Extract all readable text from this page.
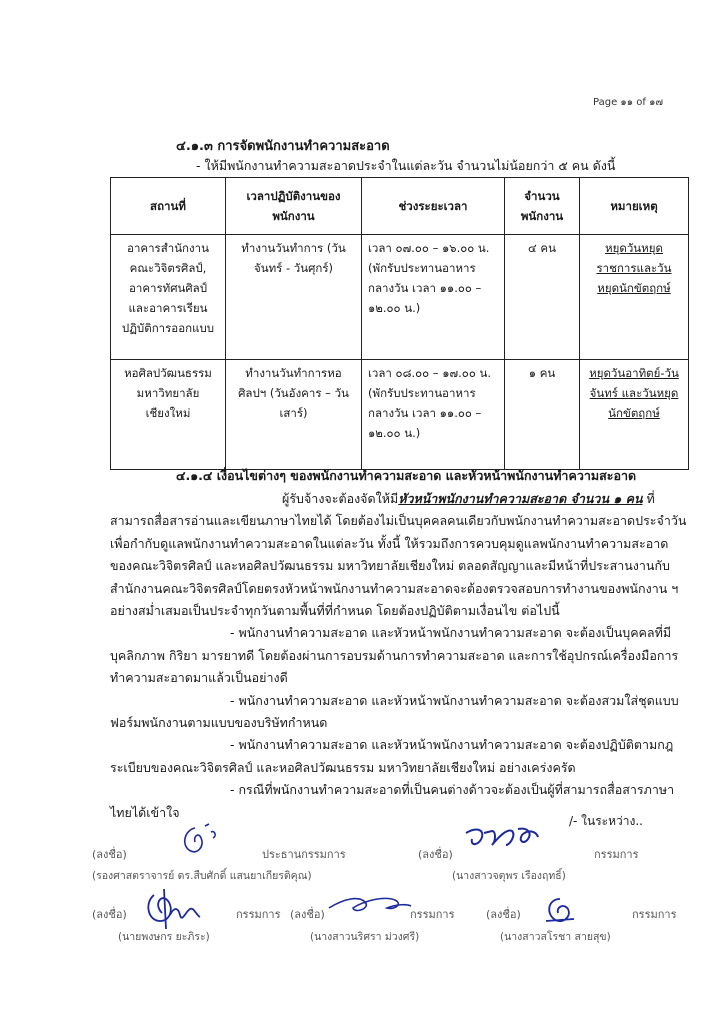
Page ๑๑ of ๑๗
๔.๑.๓ การจัดพนักงานทำความสะอาด
- ให้มีพนักงานทำความสะอาดประจำในแต่ละวัน จำนวนไม่น้อยกว่า ๕ คน ดังนี้
สถานที่	เวลาปฏิบัติงานของพนักงาน	ช่วงระยะเวลา	จำนวนพนักงาน	หมายเหตุ
อาคารสำนักงานคณะวิจิตรศิลป์, อาคารทัศนศิลป์ และอาคารเรียนปฏิบัติการออกแบบ	ทำงานวันทำการ (วันจันทร์ - วันศุกร์)	เวลา ๐๗.๐๐ – ๑๖.๐๐ น. (พักรับประทานอาหารกลางวัน เวลา ๑๑.๐๐ – ๑๒.๐๐ น.)	๔ คน	หยุดวันหยุดราชการและวันหยุดนักขัตฤกษ์
หอศิลปวัฒนธรรม มหาวิทยาลัยเชียงใหม่	ทำงานวันทำการหอศิลปฯ (วันอังคาร – วันเสาร์)	เวลา ๐๘.๐๐ – ๑๗.๐๐ น. (พักรับประทานอาหารกลางวัน เวลา ๑๑.๐๐ – ๑๒.๐๐ น.)	๑ คน	หยุดวันอาทิตย์-วันจันทร์ และวันหยุดนักขัตฤกษ์
๔.๑.๔ เงื่อนไขต่างๆ ของพนักงานทำความสะอาด และหัวหน้าพนักงานทำความสะอาด

ผู้รับจ้างจะต้องจัดให้มีหัวหน้าพนักงานทำความสะอาด จำนวน ๑ คน ที่สามารถสื่อสารอ่านและเขียนภาษาไทยได้ โดยต้องไม่เป็นบุคคลคนเดียวกับพนักงานทำความสะอาดประจำวัน เพื่อกำกับดูแลพนักงานทำความสะอาดในแต่ละวัน ทั้งนี้ ให้รวมถึงการควบคุมดูแลพนักงานทำความสะอาดของคณะวิจิตรศิลป์ และหอศิลปวัฒนธรรม มหาวิทยาลัยเชียงใหม่ ตลอดสัญญาและมีหน้าที่ประสานงานกับสำนักงานคณะวิจิตรศิลป์โดยตรงหัวหน้าพนักงานทำความสะอาดจะต้องตรวจสอบการทำงานของพนักงาน ฯ อย่างสม่ำเสมอเป็นประจำทุกวันตามพื้นที่ที่กำหนด โดยต้องปฏิบัติตามเงื่อนไข ต่อไปนี้

- พนักงานทำความสะอาด และหัวหน้าพนักงานทำความสะอาด จะต้องเป็นบุคคลที่มีบุคลิกภาพ กิริยา มารยาทดี โดยต้องผ่านการอบรมด้านการทำความสะอาด และการใช้อุปกรณ์เครื่องมือการทำความสะอาดมาแล้วเป็นอย่างดี

- พนักงานทำความสะอาด และหัวหน้าพนักงานทำความสะอาด จะต้องสวมใส่ชุดแบบฟอร์มพนักงานตามแบบของบริษัทกำหนด

- พนักงานทำความสะอาด และหัวหน้าพนักงานทำความสะอาด จะต้องปฏิบัติตามกฎระเบียบของคณะวิจิตรศิลป์ และหอศิลปวัฒนธรรม มหาวิทยาลัยเชียงใหม่ อย่างเคร่งครัด

- กรณีที่พนักงานทำความสะอาดที่เป็นคนต่างด้าวจะต้องเป็นผู้ที่สามารถสื่อสารภาษาไทยได้เข้าใจ

/- ในระหว่าง..
(ลงชื่อ)	ประธานกรรมการ
(รองศาสตราจารย์ ดร.สืบศักดิ์ แสนยาเกียรติคุณ)
(ลงชื่อ)	กรรมการ
(นางสาวจตุพร เรืองฤทธิ์)
(ลงชื่อ)	กรรมการ
(นายพงษกร ยะภิระ)
(ลงชื่อ)	กรรมการ
(นางสาวนริศรา ม่วงศรี)
(ลงชื่อ)	กรรมการ
(นางสาวสโรชา สายสุข)
